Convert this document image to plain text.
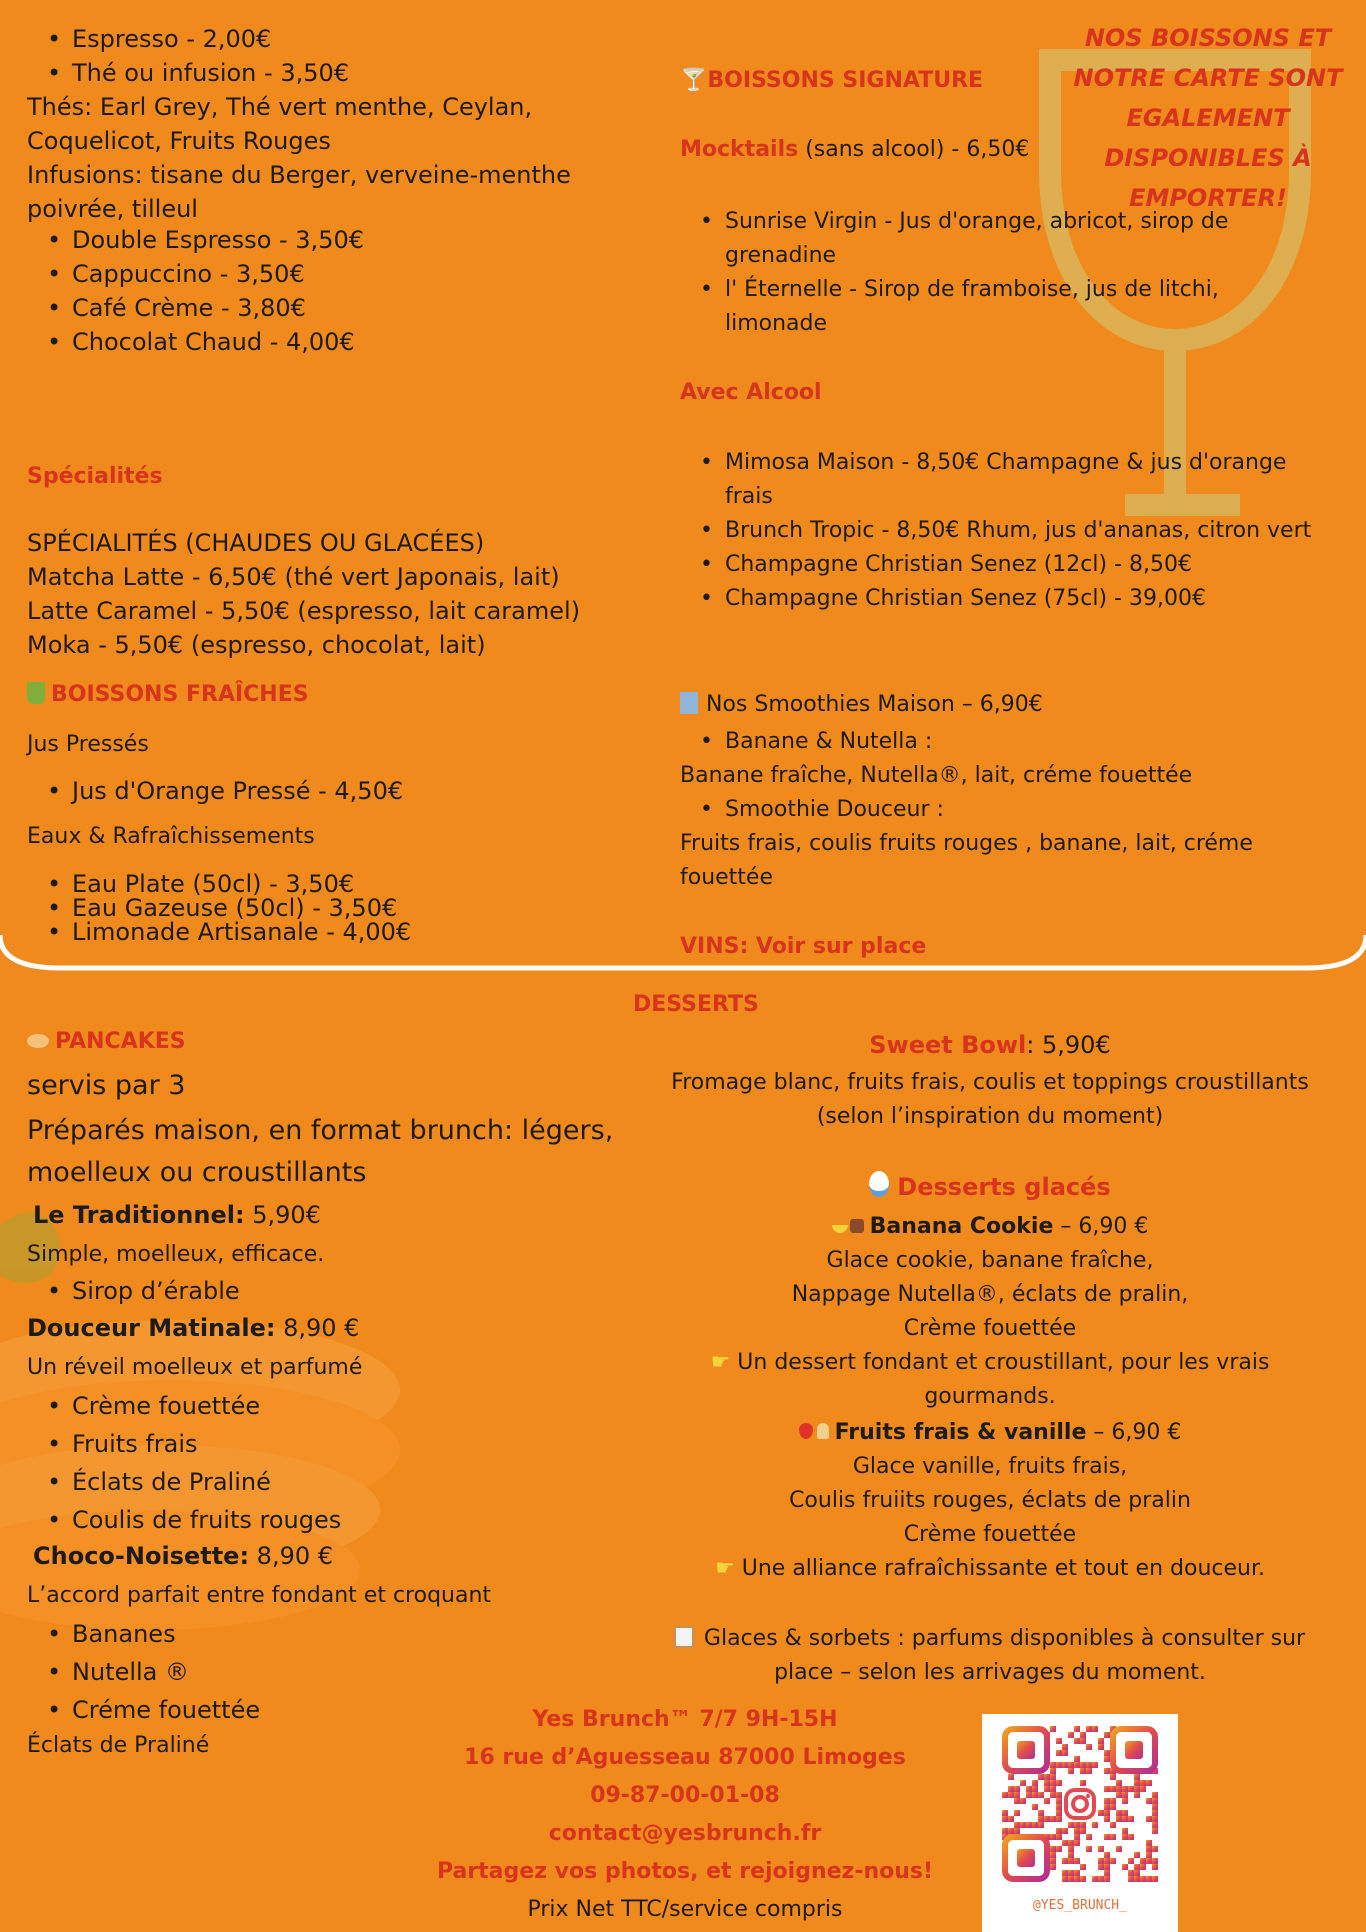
• Espresso - 2,00€
• Thé ou infusion - 3,50€
Thés: Earl Grey, Thé vert menthe, Ceylan, Coquelicot, Fruits Rouges
Infusions: tisane du Berger, verveine-menthe poivrée, tilleul
• Double Espresso - 3,50€
• Cappuccino - 3,50€
• Café Crème - 3,80€
• Chocolat Chaud - 4,00€
Spécialités
SPÉCIALITÉS (CHAUDES OU GLACÉES)
Matcha Latte - 6,50€ (thé vert Japonais, lait)
Latte Caramel - 5,50€ (espresso, lait caramel)
Moka - 5,50€ (espresso, chocolat, lait)
BOISSONS FRAÎCHES
Jus Pressés
• Jus d'Orange Pressé - 4,50€
Eaux & Rafraîchissements
• Eau Plate (50cl) - 3,50€
• Eau Gazeuse (50cl) - 3,50€
• Limonade Artisanale - 4,00€
NOS BOISSONS ET NOTRE CARTE SONT EGALEMENT DISPONIBLES À EMPORTER!
🍸BOISSONS SIGNATURE
Mocktails (sans alcool) - 6,50€
• Sunrise Virgin - Jus d'orange, abricot, sirop de grenadine
• l' Éternelle - Sirop de framboise, jus de litchi, limonade
Avec Alcool
• Mimosa Maison - 8,50€ Champagne & jus d'orange frais
• Brunch Tropic - 8,50€ Rhum, jus d'ananas, citron vert
• Champagne Christian Senez (12cl) - 8,50€
• Champagne Christian Senez (75cl) - 39,00€
Nos Smoothies Maison – 6,90€
• Banane & Nutella :
Banane fraîche, Nutella®, lait, créme fouettée
• Smoothie Douceur :
Fruits frais, coulis fruits rouges , banane, lait, créme fouettée
VINS: Voir sur place
DESSERTS
PANCAKES
servis par 3
Préparés maison, en format brunch: légers, moelleux ou croustillants
Le Traditionnel: 5,90€
Simple, moelleux, efficace.
• Sirop d’érable
Douceur Matinale: 8,90 €
Un réveil moelleux et parfumé
• Crème fouettée
• Fruits frais
• Éclats de Praliné
• Coulis de fruits rouges
Choco-Noisette: 8,90 €
L’accord parfait entre fondant et croquant
• Bananes
• Nutella ®
• Créme fouettée
Éclats de Praliné
Sweet Bowl: 5,90€
Fromage blanc, fruits frais, coulis et toppings croustillants
(selon l’inspiration du moment)
Desserts glacés
Banana Cookie – 6,90 €
Glace cookie, banane fraîche,
Nappage Nutella®, éclats de pralin,
Crème fouettée
☛ Un dessert fondant et croustillant, pour les vrais
gourmands.
Fruits frais & vanille – 6,90 €
Glace vanille, fruits frais,
Coulis fruiits rouges, éclats de pralin
Crème fouettée
☛ Une alliance rafraîchissante et tout en douceur.
Glaces & sorbets : parfums disponibles à consulter sur
place – selon les arrivages du moment.
Yes Brunch™ 7/7 9H-15H
16 rue d’Aguesseau 87000 Limoges
09-87-00-01-08
contact@yesbrunch.fr
Partagez vos photos, et rejoignez-nous!
Prix Net TTC/service compris	@YES_BRUNCH_
